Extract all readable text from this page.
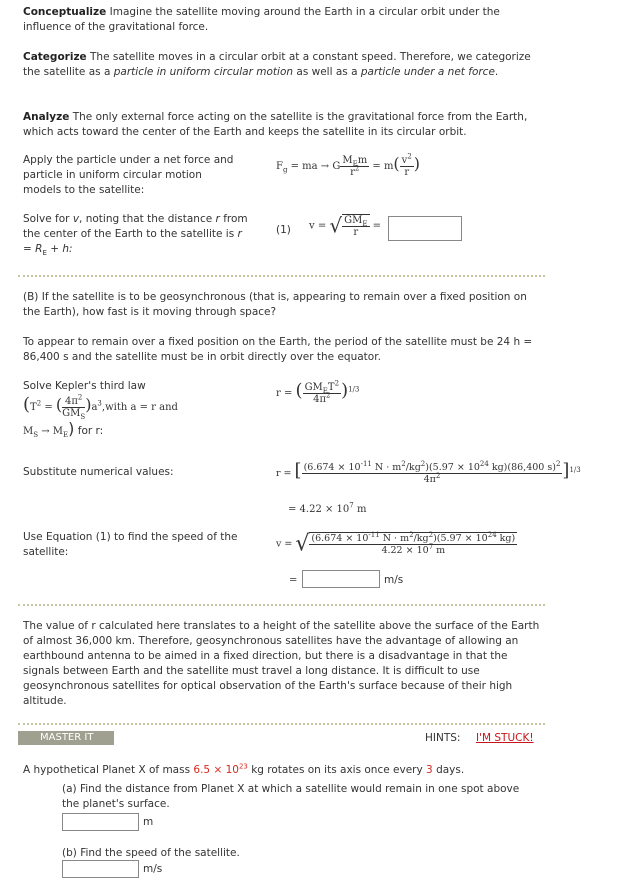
Conceptualize Imagine the satellite moving around the Earth in a circular orbit under the influence of the gravitational force.
Categorize The satellite moves in a circular orbit at a constant speed. Therefore, we categorize the satellite as a particle in uniform circular motion as well as a particle under a net force.
Analyze The only external force acting on the satellite is the gravitational force from the Earth, which acts toward the center of the Earth and keeps the satellite in its circular orbit.
Apply the particle under a net force and particle in uniform circular motion models to the satellite:
$F_g$ = ma → G $\frac{M_Em}{r^2} = m( \frac{v^2}{r}$ )
Solve for v, noting that the distance r from the center of the Earth to the satellite is $r = R_E + h$:
(1) v = √ $\frac{GM_E}{r}$ =
(B) If the satellite is to be geosynchronous (that is, appearing to remain over a fixed position on the Earth), how fast is it moving through space?
To appear to remain over a fixed position on the Earth, the period of the satellite must be 24 h = 86,400 s and the satellite must be in orbit directly over the equator.
Solve Kepler's third law
($T^2$ = ( $\frac{4\pi^2}{GM_S}$ )$a^3,with$ a = r and
$M_S \to M_E$) for r:
r = ( $\frac{GM_ET^2}{4\pi^2} )^{1/3}$
Substitute numerical values:	r = [ $\frac{(6.674 \times 10^{-11} N \cdot m^2/kg^2)(5.97 \times 10^{24} kg)(86,400 s)^2}{4\pi^2} ]^{1/3}$
= $4.22 \times 10^7$ m
Use Equation (1) to find the speed of the satellite:
v = √ $\frac{(6.674 \times 10^{-11} N \cdot m^2/kg^2)(5.97 \times 10^{24} kg)}{4.22 \times 10^7 m}$
=	m/s
The value of r calculated here translates to a height of the satellite above the surface of the Earth of almost 36,000 km. Therefore, geosynchronous satellites have the advantage of allowing an earthbound antenna to be aimed in a fixed direction, but there is a disadvantage in that the signals between Earth and the satellite must travel a long distance. It is difficult to use geosynchronous satellites for optical observation of the Earth's surface because of their high altitude.
MASTER IT	HINTS: I'M STUCK!
A hypothetical Planet X of mass $6.5 \times 10^{23}$ kg rotates on its axis once every 3 days.
(a) Find the distance from Planet X at which a satellite would remain in one spot above the planet's surface.
m
(b) Find the speed of the satellite.
m/s
